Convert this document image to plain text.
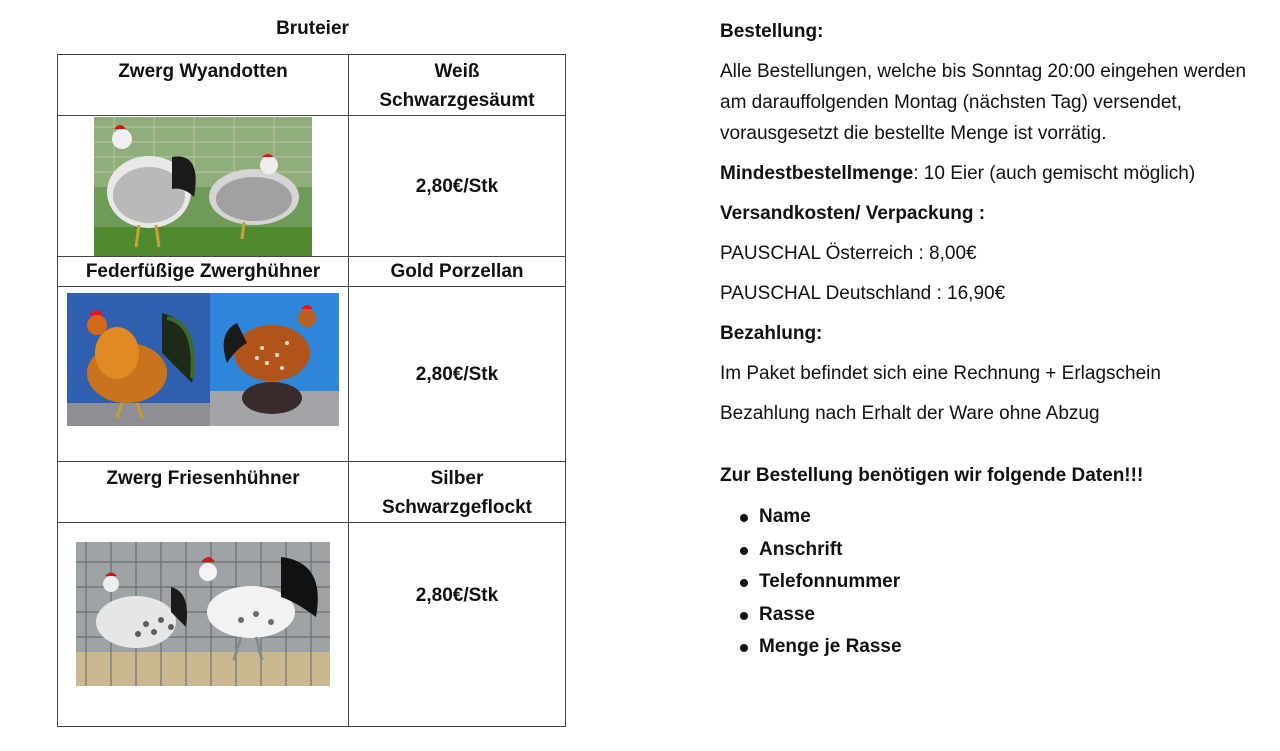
Bruteier
Zwerg Wyandotten	Weiß
Schwarzgesäumt

	2,80€/Stk
Federfüßige Zwerghühner	Gold Porzellan

	2,80€/Stk
Zwerg Friesenhühner	Silber
Schwarzgeflockt

	2,80€/Stk

Bestellung:

Alle Bestellungen, welche bis Sonntag 20:00 eingehen werden am darauffolgenden Montag (nächsten Tag) versendet, vorausgesetzt die bestellte Menge ist vorrätig.

Mindestbestellmenge: 10 Eier (auch gemischt möglich)

Versandkosten/ Verpackung :

PAUSCHAL Österreich : 8,00€

PAUSCHAL Deutschland : 16,90€

Bezahlung:

Im Paket befindet sich eine Rechnung + Erlagschein

Bezahlung nach Erhalt der Ware ohne Abzug

Zur Bestellung benötigen wir folgende Daten!!!

Name
Anschrift
Telefonnummer
Rasse
Menge je Rasse
